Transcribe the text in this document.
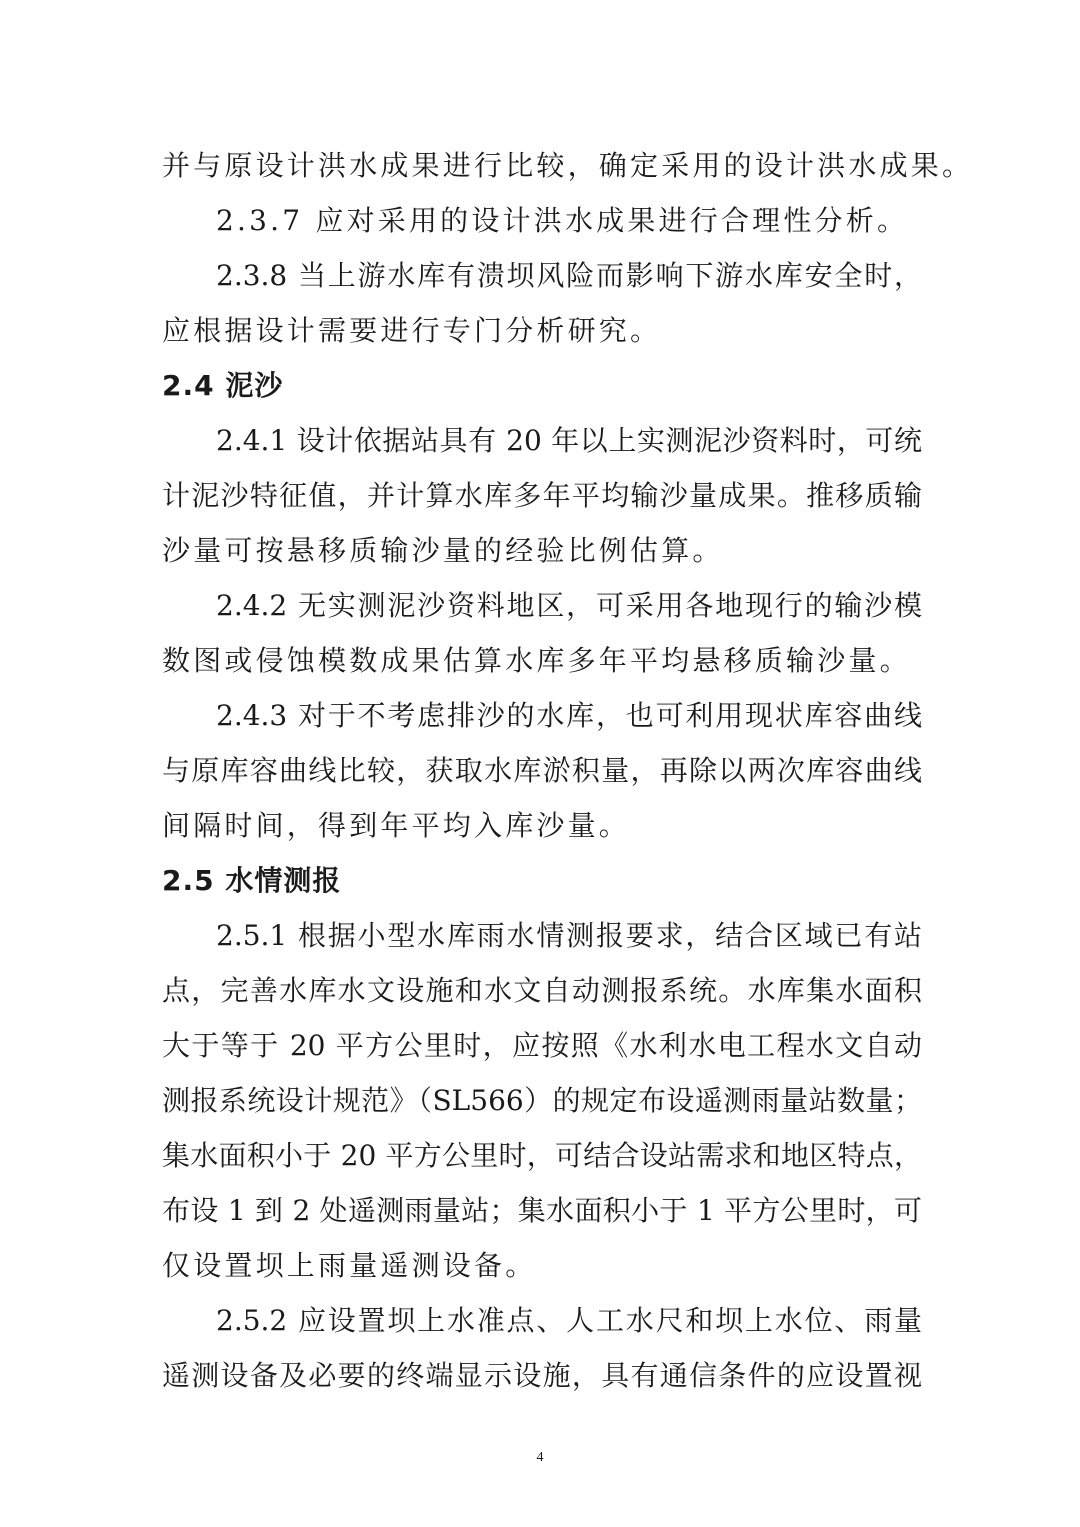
并与原设计洪水成果进行比较，确定采用的设计洪水成果。
2.3.7 应对采用的设计洪水成果进行合理性分析。
2.3.8 当上游水库有溃坝风险而影响下游水库安全时，
应根据设计需要进行专门分析研究。
2.4 泥沙
2.4.1 设计依据站具有 20 年以上实测泥沙资料时，可统
计泥沙特征值，并计算水库多年平均输沙量成果。推移质输
沙量可按悬移质输沙量的经验比例估算。
2.4.2 无实测泥沙资料地区，可采用各地现行的输沙模
数图或侵蚀模数成果估算水库多年平均悬移质输沙量。
2.4.3 对于不考虑排沙的水库，也可利用现状库容曲线
与原库容曲线比较，获取水库淤积量，再除以两次库容曲线
间隔时间，得到年平均入库沙量。
2.5 水情测报
2.5.1 根据小型水库雨水情测报要求，结合区域已有站
点，完善水库水文设施和水文自动测报系统。水库集水面积
大于等于 20 平方公里时，应按照《水利水电工程水文自动
测报系统设计规范》（SL566）的规定布设遥测雨量站数量；
集水面积小于 20 平方公里时，可结合设站需求和地区特点，
布设 1 到 2 处遥测雨量站；集水面积小于 1 平方公里时，可
仅设置坝上雨量遥测设备。
2.5.2 应设置坝上水准点、人工水尺和坝上水位、雨量
遥测设备及必要的终端显示设施，具有通信条件的应设置视
4
